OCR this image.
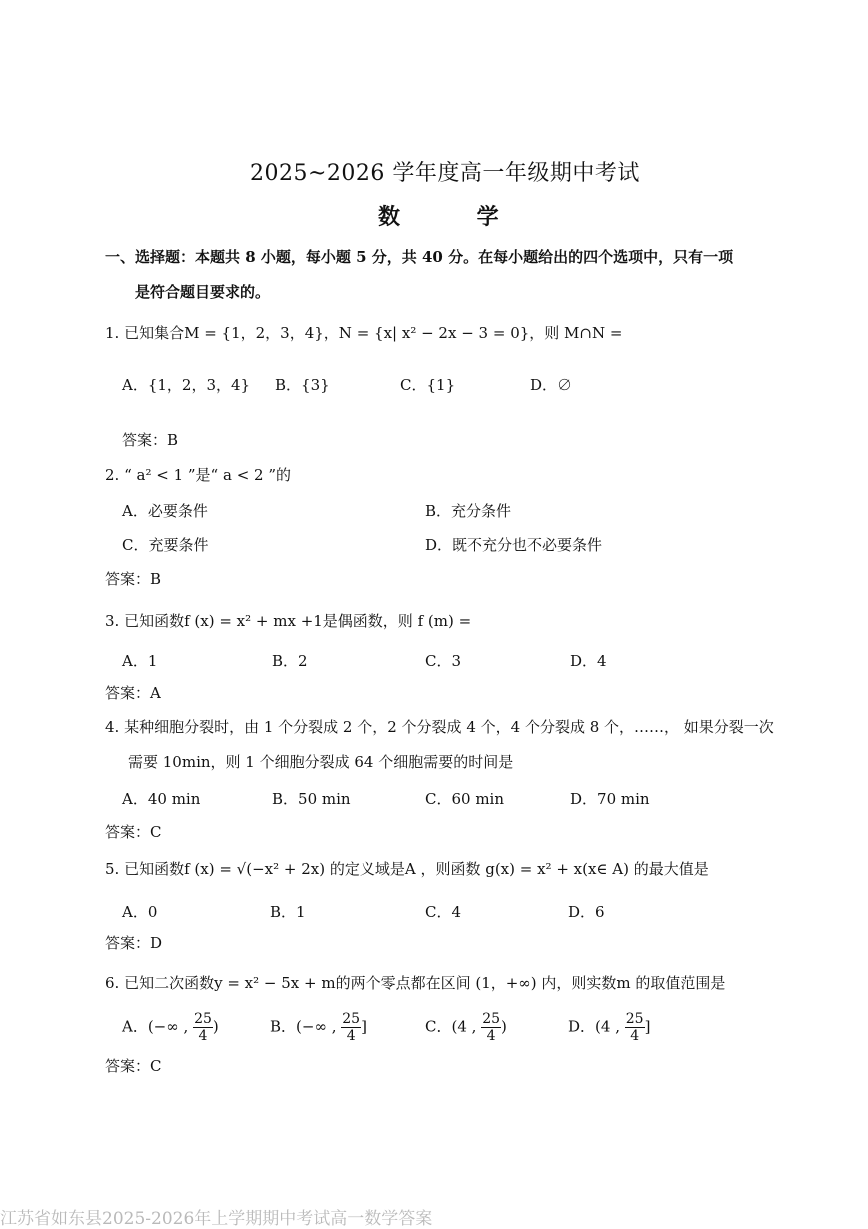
2025~2026 学年度高一年级期中考试
数          学
一、选择题：本题共 8 小题，每小题 5 分，共 40 分。在每小题给出的四个选项中，只有一项
是符合题目要求的。
1. 已知集合M = {1，2，3，4}，N = {x| x² − 2x − 3 = 0}，则 M∩N =
A．{1，2，3，4} B．{3}	C．{1}	D．∅
答案：B
2. “ a² < 1 ”是“ a < 2 ”的
A．必要条件	B．充分条件
C．充要条件	D．既不充分也不必要条件
答案：B
3. 已知函数f (x) = x² + mx +1是偶函数，则 f (m) =
A．1	B．2	C．3	D．4
答案：A
4. 某种细胞分裂时，由 1 个分裂成 2 个，2 个分裂成 4 个，4 个分裂成 8 个，……， 如果分裂一次
需要 10min，则 1 个细胞分裂成 64 个细胞需要的时间是
A．40 min	B．50 min	C．60 min	D．70 min
答案：C
5. 已知函数f (x) = √(−x² + 2x) 的定义域是A ，则函数 g(x) = x² + x(x∈ A) 的最大值是
A．0	B．1	C．4	D．6
答案：D
6. 已知二次函数y = x² − 5x + m的两个零点都在区间 (1，+∞) 内，则实数m 的取值范围是
A．(−∞ , $\frac{25}{4}$ )	B．(−∞ , $\frac{25}{4}$ ]	C．(4 , $\frac{25}{4}$ )	D．(4 , $\frac{25}{4}$ ]
答案：C
江苏省如东县2025-2026年上学期期中考试高一数学答案
